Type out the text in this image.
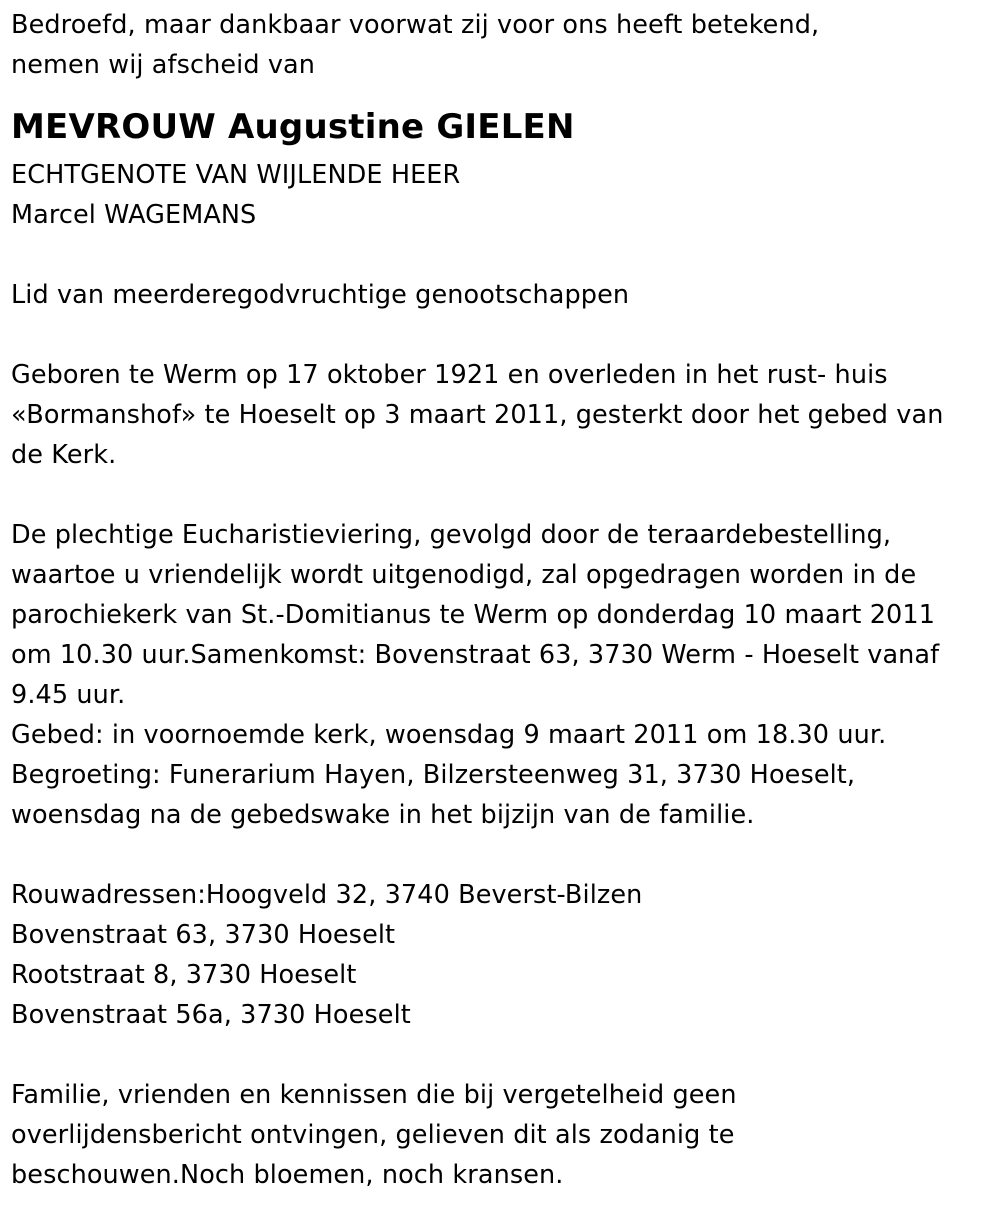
Bedroefd, maar dankbaar voorwat zij voor ons heeft betekend,
nemen wij afscheid van
MEVROUW Augustine GIELEN
ECHTGENOTE VAN WIJLENDE HEER
Marcel WAGEMANS
Lid van meerderegodvruchtige genootschappen
Geboren te Werm op 17 oktober 1921 en overleden in het rust- huis
«Bormanshof» te Hoeselt op 3 maart 2011, gesterkt door het gebed van
de Kerk.
De plechtige Eucharistieviering, gevolgd door de teraardebestelling,
waartoe u vriendelijk wordt uitgenodigd, zal opgedragen worden in de
parochiekerk van St.-Domitianus te Werm op donderdag 10 maart 2011
om 10.30 uur.Samenkomst: Bovenstraat 63, 3730 Werm - Hoeselt vanaf
9.45 uur.
Gebed: in voornoemde kerk, woensdag 9 maart 2011 om 18.30 uur.
Begroeting: Funerarium Hayen, Bilzersteenweg 31, 3730 Hoeselt,
woensdag na de gebedswake in het bijzijn van de familie.
Rouwadressen:Hoogveld 32, 3740 Beverst-Bilzen
Bovenstraat 63, 3730 Hoeselt
Rootstraat 8, 3730 Hoeselt
Bovenstraat 56a, 3730 Hoeselt
Familie, vrienden en kennissen die bij vergetelheid geen
overlijdensbericht ontvingen, gelieven dit als zodanig te
beschouwen.Noch bloemen, noch kransen.
